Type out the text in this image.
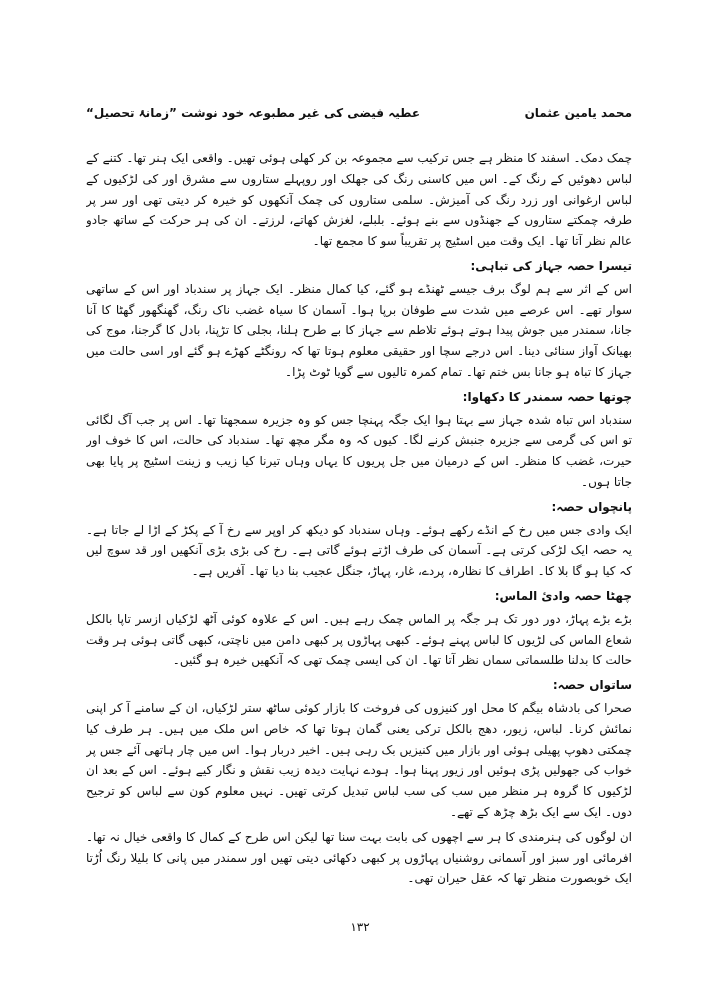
عطیہ فیضی کی غیر مطبوعہ خود نوشت ”زمانۂ تحصیل“	محمد یامین عثمان

چمک دمک۔ اسفند کا منظر ہے جس ترکیب سے مجموعہ بن کر کھلی ہوئی تھیں۔ واقعی ایک ہنر تھا۔ کتنے کے لباس دھوئیں کے رنگ کے۔ اس میں کاسنی رنگ کی جھلک اور روپہلے ستاروں سے مشرق اور کی لڑکیوں کے لباس ارغوانی اور زرد رنگ کی آمیزش۔ سلمی ستاروں کی چمک آنکھوں کو خیرہ کر دیتی تھی اور سر پر طرفہ چمکتے ستاروں کے جھنڈوں سے بنے ہوئے۔ بلبلے، لغزش کھاتے، لرزتے۔ ان کی ہر حرکت کے ساتھ جادو عالم نظر آتا تھا۔ ایک وقت میں اسٹیج پر تقریباً سو کا مجمع تھا۔

تیسرا حصہ جہاز کی تباہی:

اس کے اثر سے ہم لوگ برف جیسے ٹھنڈے ہو گئے، کیا کمال منظر۔ ایک جہاز پر سندباد اور اس کے ساتھی سوار تھے۔ اس عرصے میں شدت سے طوفان برپا ہوا۔ آسمان کا سیاہ غضب ناک رنگ، گھنگھور گھٹا کا آنا جانا، سمندر میں جوش پیدا ہوتے ہوئے تلاطم سے جہاز کا بے طرح ہلنا، بجلی کا تڑپنا، بادل کا گرجنا، موج کی بھیانک آواز سنائی دینا۔ اس درجے سچا اور حقیقی معلوم ہوتا تھا کہ رونگٹے کھڑے ہو گئے اور اسی حالت میں جہاز کا تباہ ہو جانا بس ختم تھا۔ تمام کمرہ تالیوں سے گویا ٹوٹ پڑا۔

چوتھا حصہ سمندر کا دکھاوا:

سندباد اس تباہ شدہ جہاز سے بہتا ہوا ایک جگہ پہنچا جس کو وہ جزیرہ سمجھتا تھا۔ اس پر جب آگ لگائی تو اس کی گرمی سے جزیرہ جنبش کرنے لگا۔ کیوں کہ وہ مگر مچھ تھا۔ سندباد کی حالت، اس کا خوف اور حیرت، غضب کا منظر۔ اس کے درمیان میں جل پریوں کا یہاں وہاں تیرنا کیا زیب و زینت اسٹیج پر پایا بھی جاتا ہوں۔

پانچواں حصہ:

ایک وادی جس میں رخ کے انڈے رکھے ہوئے۔ وہاں سندباد کو دیکھ کر اوپر سے رخ آ کے پکڑ کے اڑا لے جاتا ہے۔ یہ حصہ ایک لڑکی کرتی ہے۔ آسمان کی طرف اڑتے ہوئے گاتی ہے۔ رخ کی بڑی بڑی آنکھیں اور قد سوچ لیں کہ کیا ہو گا بلا کا۔ اطراف کا نظارہ، پردے، غار، پہاڑ، جنگل عجیب بنا دیا تھا۔ آفریں ہے۔

چھٹا حصہ وادیٔ الماس:

بڑے بڑے پہاڑ، دور دور تک ہر جگہ پر الماس چمک رہے ہیں۔ اس کے علاوہ کوئی آٹھ لڑکیاں ازسر تاپا بالکل شعاع الماس کی لڑیوں کا لباس پہنے ہوئے۔ کبھی پہاڑوں پر کبھی دامن میں ناچتی، کبھی گاتی ہوئی ہر وقت حالت کا بدلنا طلسماتی سماں نظر آتا تھا۔ ان کی ایسی چمک تھی کہ آنکھیں خیرہ ہو گئیں۔

ساتواں حصہ:

صحرا کی بادشاہ بیگم کا محل اور کنیزوں کی فروخت کا بازار کوئی ساٹھ ستر لڑکیاں، ان کے سامنے آ کر اپنی نمائش کرنا۔ لباس، زیور، دھج بالکل ترکی یعنی گمان ہوتا تھا کہ خاص اس ملک میں ہیں۔ ہر طرف کیا چمکتی دھوپ پھیلی ہوئی اور بازار میں کنیزیں بک رہی ہیں۔ اخیر دربار ہوا۔ اس میں چار ہاتھی آئے جس پر خواب کی جھولیں پڑی ہوئیں اور زیور پہنا ہوا۔ ہودے نہایت دیدہ زیب نقش و نگار کیے ہوئے۔ اس کے بعد ان لڑکیوں کا گروہ ہر منظر میں سب کی سب لباس تبدیل کرتی تھیں۔ نہیں معلوم کون سے لباس کو ترجیح دوں۔ ایک سے ایک بڑھ چڑھ کے تھے۔

ان لوگوں کی ہنرمندی کا ہر سے اچھوں کی بابت بہت سنا تھا لیکن اس طرح کے کمال کا واقعی خیال نہ تھا۔ افرمائی اور سبز اور آسمانی روشنیاں پہاڑوں پر کبھی دکھائی دیتی تھیں اور سمندر میں پانی کا بلیلا رنگ اُڑتا ایک خوبصورت منظر تھا کہ عقل حیران تھی۔

۱۳۲
